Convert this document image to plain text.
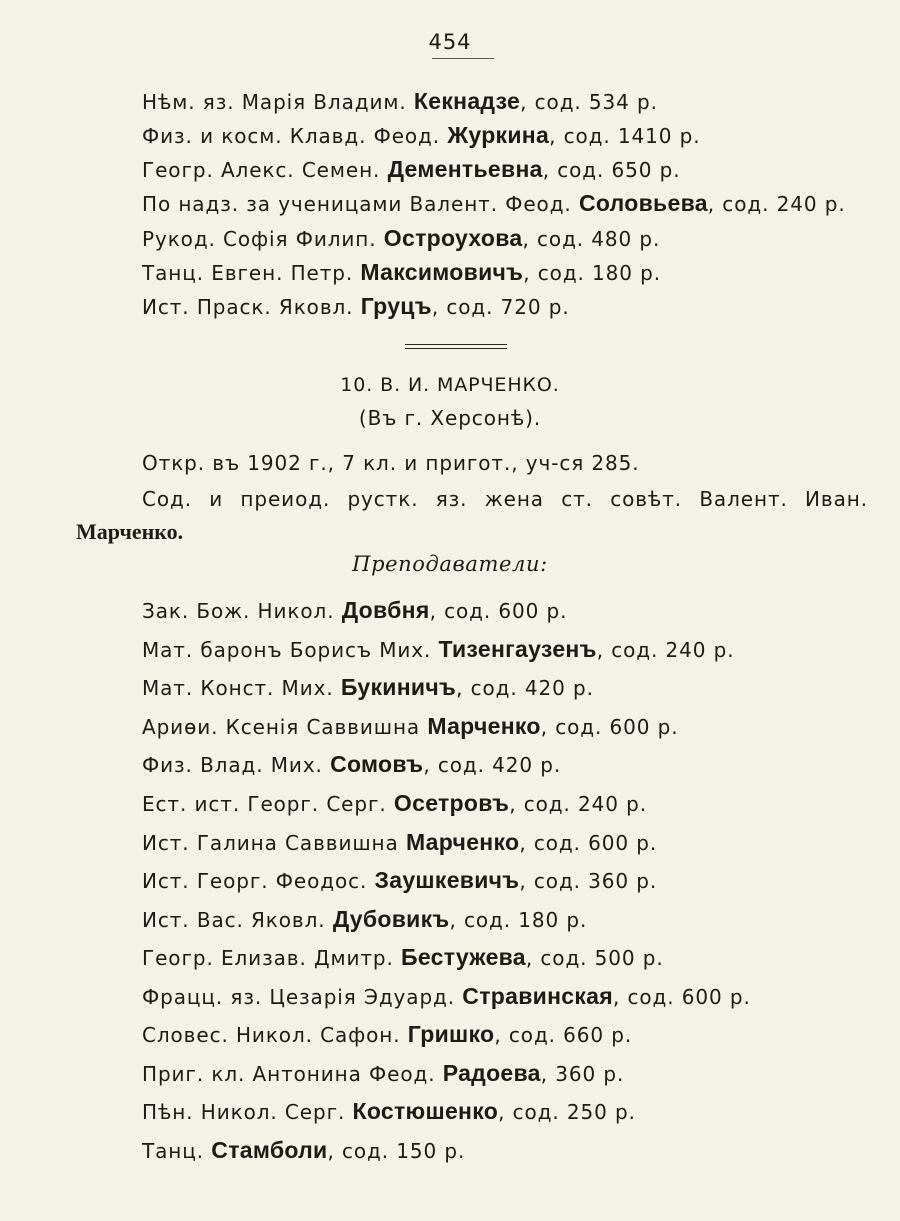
454
Нѣм. яз. Марія Владим. Кекнадзе, сод. 534 р.
Физ. и косм. Клавд. Феод. Журкина, сод. 1410 р.
Геогр. Алекс. Семен. Дементьевна, сод. 650 р.
По надз. за ученицами Валент. Феод. Соловьева, сод. 240 р.
Рукод. Софія Филип. Остроухова, сод. 480 р.
Танц. Евген. Петр. Максимовичъ, сод. 180 р.
Ист. Праск. Яковл. Груцъ, сод. 720 р.
10. В. И. МАРЧЕНКО.
(Въ г. Херсонѣ).
Откр. въ 1902 г., 7 кл. и пригот., уч-ся 285.
Сод. и преиод. рустк. яз. жена ст. совѣт. Валент. Иван.
Марченко.
Преподаватели:
Зак. Бож. Никол. Довбня, сод. 600 р.
Мат. баронъ Борисъ Мих. Тизенгаузенъ, сод. 240 р.
Мат. Конст. Мих. Букиничъ, сод. 420 р.
Ариѳи. Ксенія Саввишна Марченко, сод. 600 р.
Физ. Влад. Мих. Сомовъ, сод. 420 р.
Ест. ист. Георг. Серг. Осетровъ, сод. 240 р.
Ист. Галина Саввишна Марченко, сод. 600 р.
Ист. Георг. Феодос. Заушкевичъ, сод. 360 р.
Ист. Вас. Яковл. Дубовикъ, сод. 180 р.
Геогр. Елизав. Дмитр. Бестужева, сод. 500 р.
Фрацц. яз. Цезарія Эдуард. Стравинская, сод. 600 р.
Словес. Никол. Сафон. Гришко, сод. 660 р.
Приг. кл. Антонина Феод. Радоева, 360 р.
Пѣн. Никол. Серг. Костюшенко, сод. 250 р.
Танц. Стамболи, сод. 150 р.
